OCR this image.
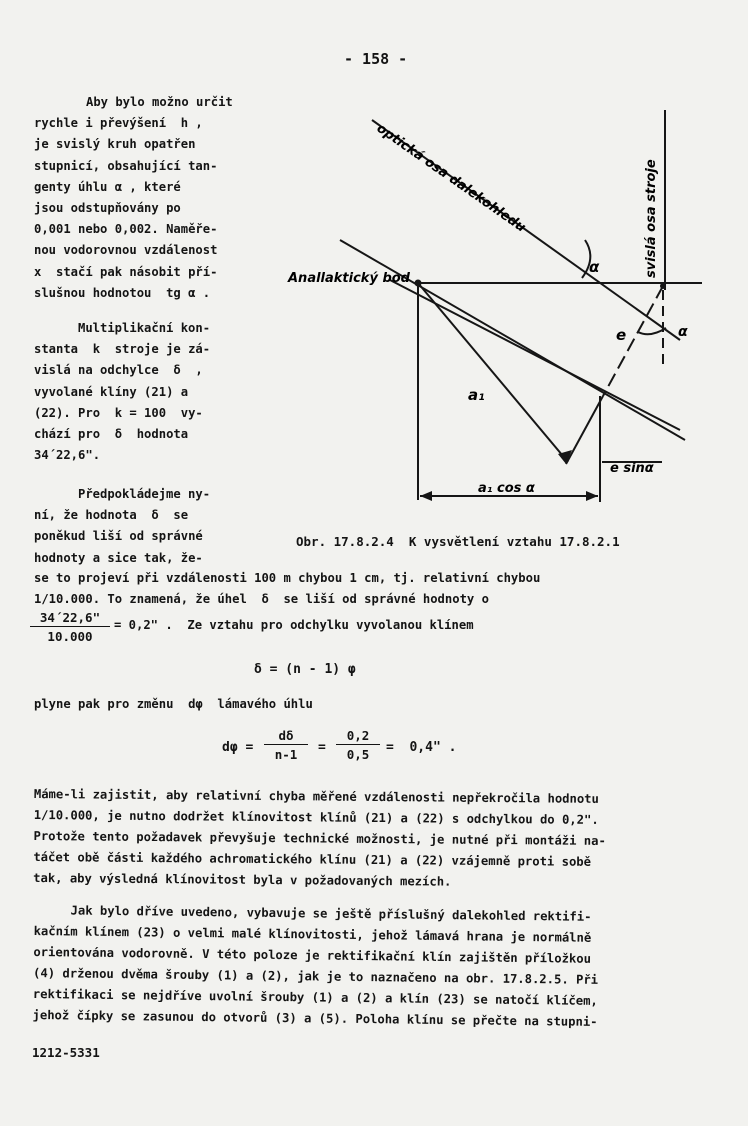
- 158 -

Aby bylo možno určit

rychle i převýšení  h ,

je svislý kruh opatřen

stupnicí, obsahující tan-

genty úhlu α , které

jsou odstupňovány po

0,001 nebo 0,002. Naměře-

nou vodorovnou vzdálenost

x  stačí pak násobit pří-

slušnou hodnotou  tg α .

Multiplikační kon-

stanta  k  stroje je zá-

vislá na odchylce  δ  ,

vyvolané klíny (21) a

(22). Pro  k = 100  vy-

chází pro  δ  hodnota

34´22,6".

Předpokládejme ny-

ní, že hodnota  δ  se

poněkud liší od správné

hodnoty a sice tak, že-

optická osa dalekohledu	svislá osa stroje
Anallaktický bod
α
α
e
a₁
e sinα
a₁ cos α
Obr. 17.8.2.4  K vysvětlení vztahu 17.8.2.1

se to projeví při vzdálenosti 100 m chybou 1 cm, tj. relativní chybou

1/10.000. To znamená, že úhel  δ  se liší od správné hodnoty o

$\frac{34´22,6"}{10.000} = 0,2$" .  Ze vztahu pro odchylku vyvolanou klínem
δ = (n - 1) φ

plyne pak pro změnu  dφ  lámavého úhlu

$d\varphi = \frac{d\delta}{n-1} = \frac{0,2}{0,5} = 0,4$" .

Máme-li zajistit, aby relativní chyba měřené vzdálenosti nepřekročila hodnotu

1/10.000, je nutno dodržet klínovitost klínů (21) a (22) s odchylkou do 0,2".

Protože tento požadavek převyšuje technické možnosti, je nutné při montáži na-

táčet obě části každého achromatického klínu (21) a (22) vzájemně proti sobě

tak, aby výsledná klínovitost byla v požadovaných mezích.

Jak bylo dříve uvedeno, vybavuje se ještě příslušný dalekohled rektifi-

kačním klínem (23) o velmi malé klínovitosti, jehož lámavá hrana je normálně

orientována vodorovně. V této poloze je rektifikační klín zajištěn příložkou

(4) drženou dvěma šrouby (1) a (2), jak je to naznačeno na obr. 17.8.2.5. Při

rektifikaci se nejdříve uvolní šrouby (1) a (2) a klín (23) se natočí klíčem,

jehož čípky se zasunou do otvorů (3) a (5). Poloha klínu se přečte na stupni-

1212-5331
